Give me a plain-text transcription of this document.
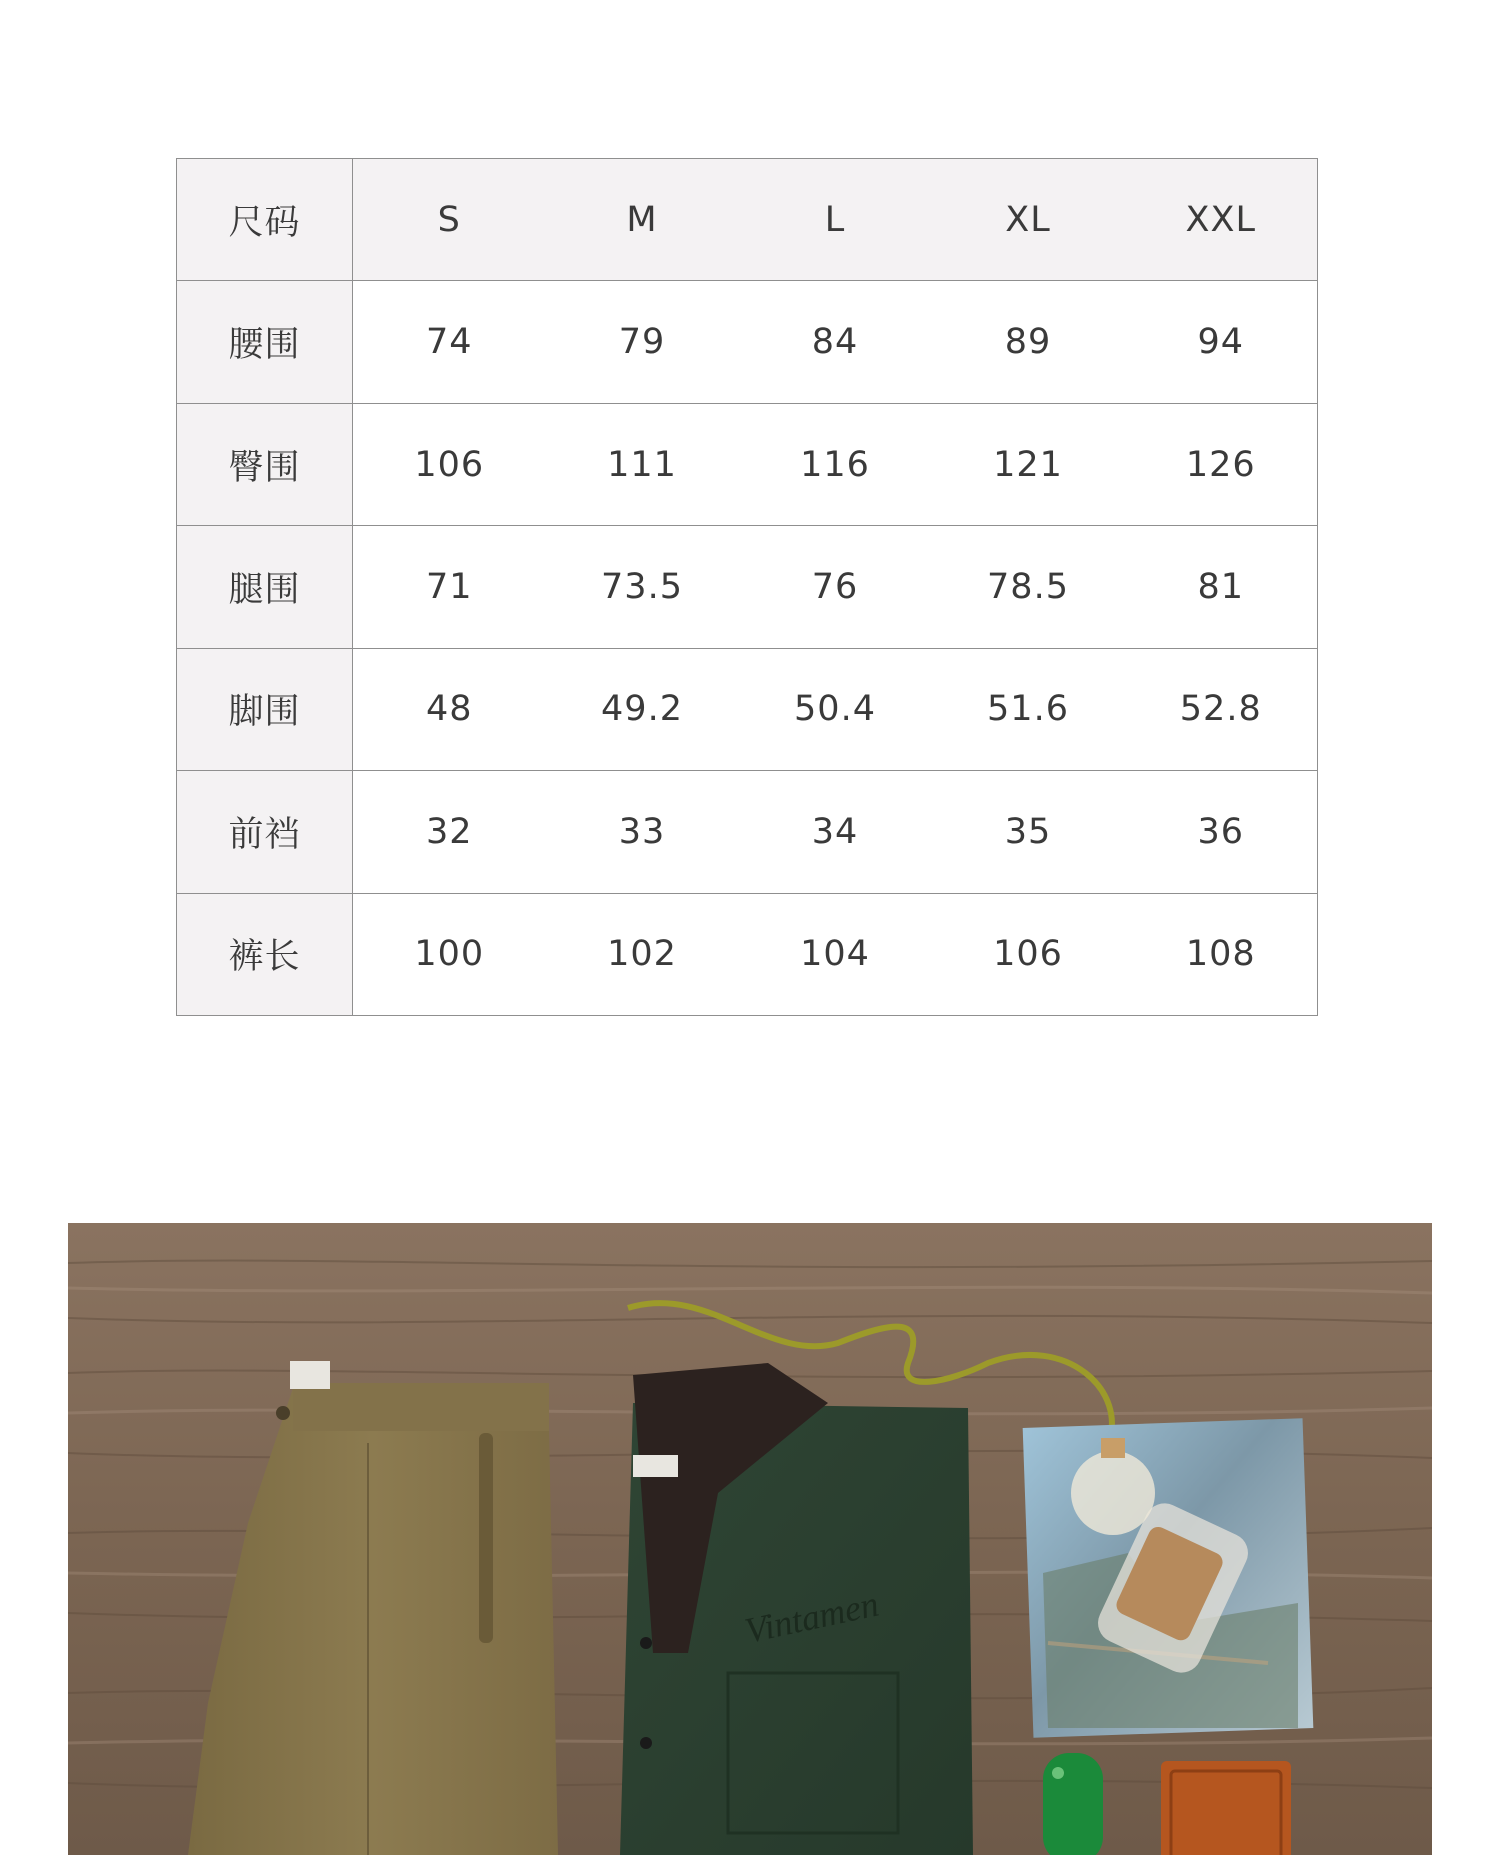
尺码	S	M	L	XL	XXL
腰围	74	79	84	89	94
臀围	106	111	116	121	126
腿围	71	73.5	76	78.5	81
脚围	48	49.2	50.4	51.6	52.8
前裆	32	33	34	35	36
裤长	100	102	104	106	108
Vintamen
